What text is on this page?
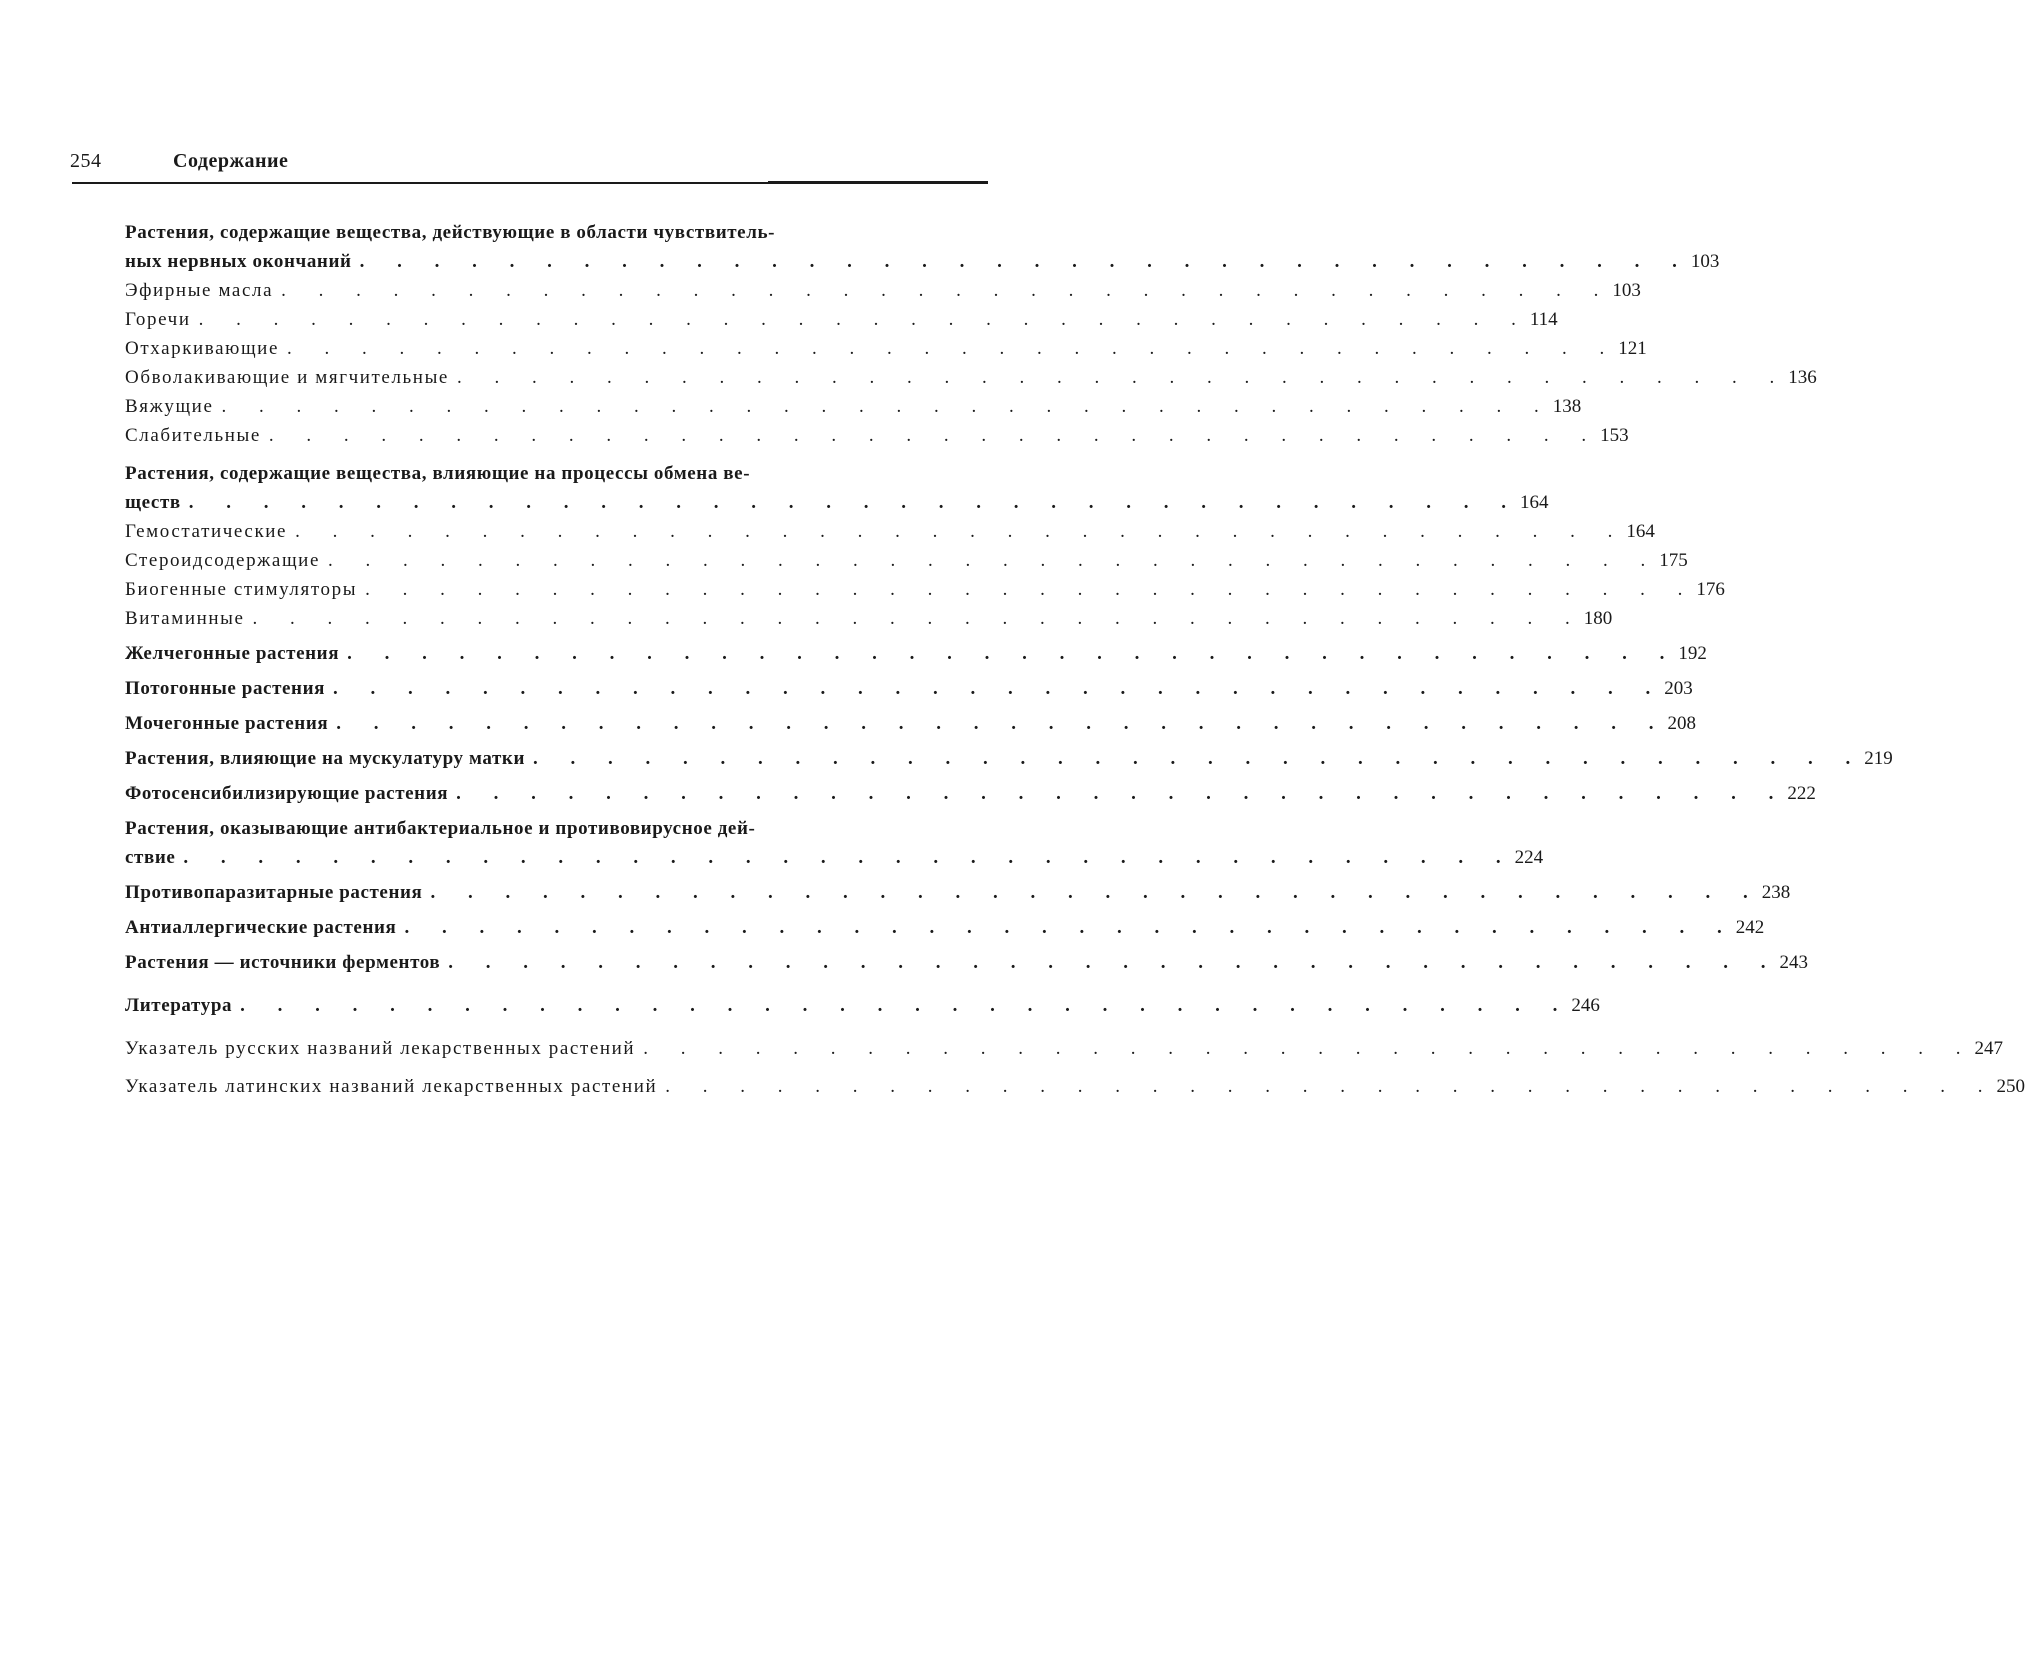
254	Содержание
Растения, содержащие вещества, действующие в области чувствитель-
ных нервных окончаний . . . . . . . . . . . . . . . . . . . . . . . . . . . . . . . . . . . . 103
Эфирные масла . . . . . . . . . . . . . . . . . . . . . . . . . . . . . . . . . . . . 103
Горечи . . . . . . . . . . . . . . . . . . . . . . . . . . . . . . . . . . . . 114
Отхаркивающие . . . . . . . . . . . . . . . . . . . . . . . . . . . . . . . . . . . . 121
Обволакивающие и мягчительные . . . . . . . . . . . . . . . . . . . . . . . . . . . . . . . . . . . . 136
Вяжущие . . . . . . . . . . . . . . . . . . . . . . . . . . . . . . . . . . . . 138
Слабительные . . . . . . . . . . . . . . . . . . . . . . . . . . . . . . . . . . . . 153
Растения, содержащие вещества, влияющие на процессы обмена ве-
ществ . . . . . . . . . . . . . . . . . . . . . . . . . . . . . . . . . . . . 164
Гемостатические . . . . . . . . . . . . . . . . . . . . . . . . . . . . . . . . . . . . 164
Стероидсодержащие . . . . . . . . . . . . . . . . . . . . . . . . . . . . . . . . . . . . 175
Биогенные стимуляторы . . . . . . . . . . . . . . . . . . . . . . . . . . . . . . . . . . . . 176
Витаминные . . . . . . . . . . . . . . . . . . . . . . . . . . . . . . . . . . . . 180
Желчегонные растения . . . . . . . . . . . . . . . . . . . . . . . . . . . . . . . . . . . . 192
Потогонные растения . . . . . . . . . . . . . . . . . . . . . . . . . . . . . . . . . . . . 203
Мочегонные растения . . . . . . . . . . . . . . . . . . . . . . . . . . . . . . . . . . . . 208
Растения, влияющие на мускулатуру матки . . . . . . . . . . . . . . . . . . . . . . . . . . . . . . . . . . . . 219
Фотосенсибилизирующие растения . . . . . . . . . . . . . . . . . . . . . . . . . . . . . . . . . . . . 222
Растения, оказывающие антибактериальное и противовирусное дей-
ствие . . . . . . . . . . . . . . . . . . . . . . . . . . . . . . . . . . . . 224
Противопаразитарные растения . . . . . . . . . . . . . . . . . . . . . . . . . . . . . . . . . . . . 238
Антиаллергические растения . . . . . . . . . . . . . . . . . . . . . . . . . . . . . . . . . . . . 242
Растения — источники ферментов . . . . . . . . . . . . . . . . . . . . . . . . . . . . . . . . . . . . 243
Литература . . . . . . . . . . . . . . . . . . . . . . . . . . . . . . . . . . . . 246
Указатель русских названий лекарственных растений . . . . . . . . . . . . . . . . . . . . . . . . . . . . . . . . . . . . 247
Указатель латинских названий лекарственных растений . . . . . . . . . . . . . . . . . . . . . . . . . . . . . . . . . . . . 250
